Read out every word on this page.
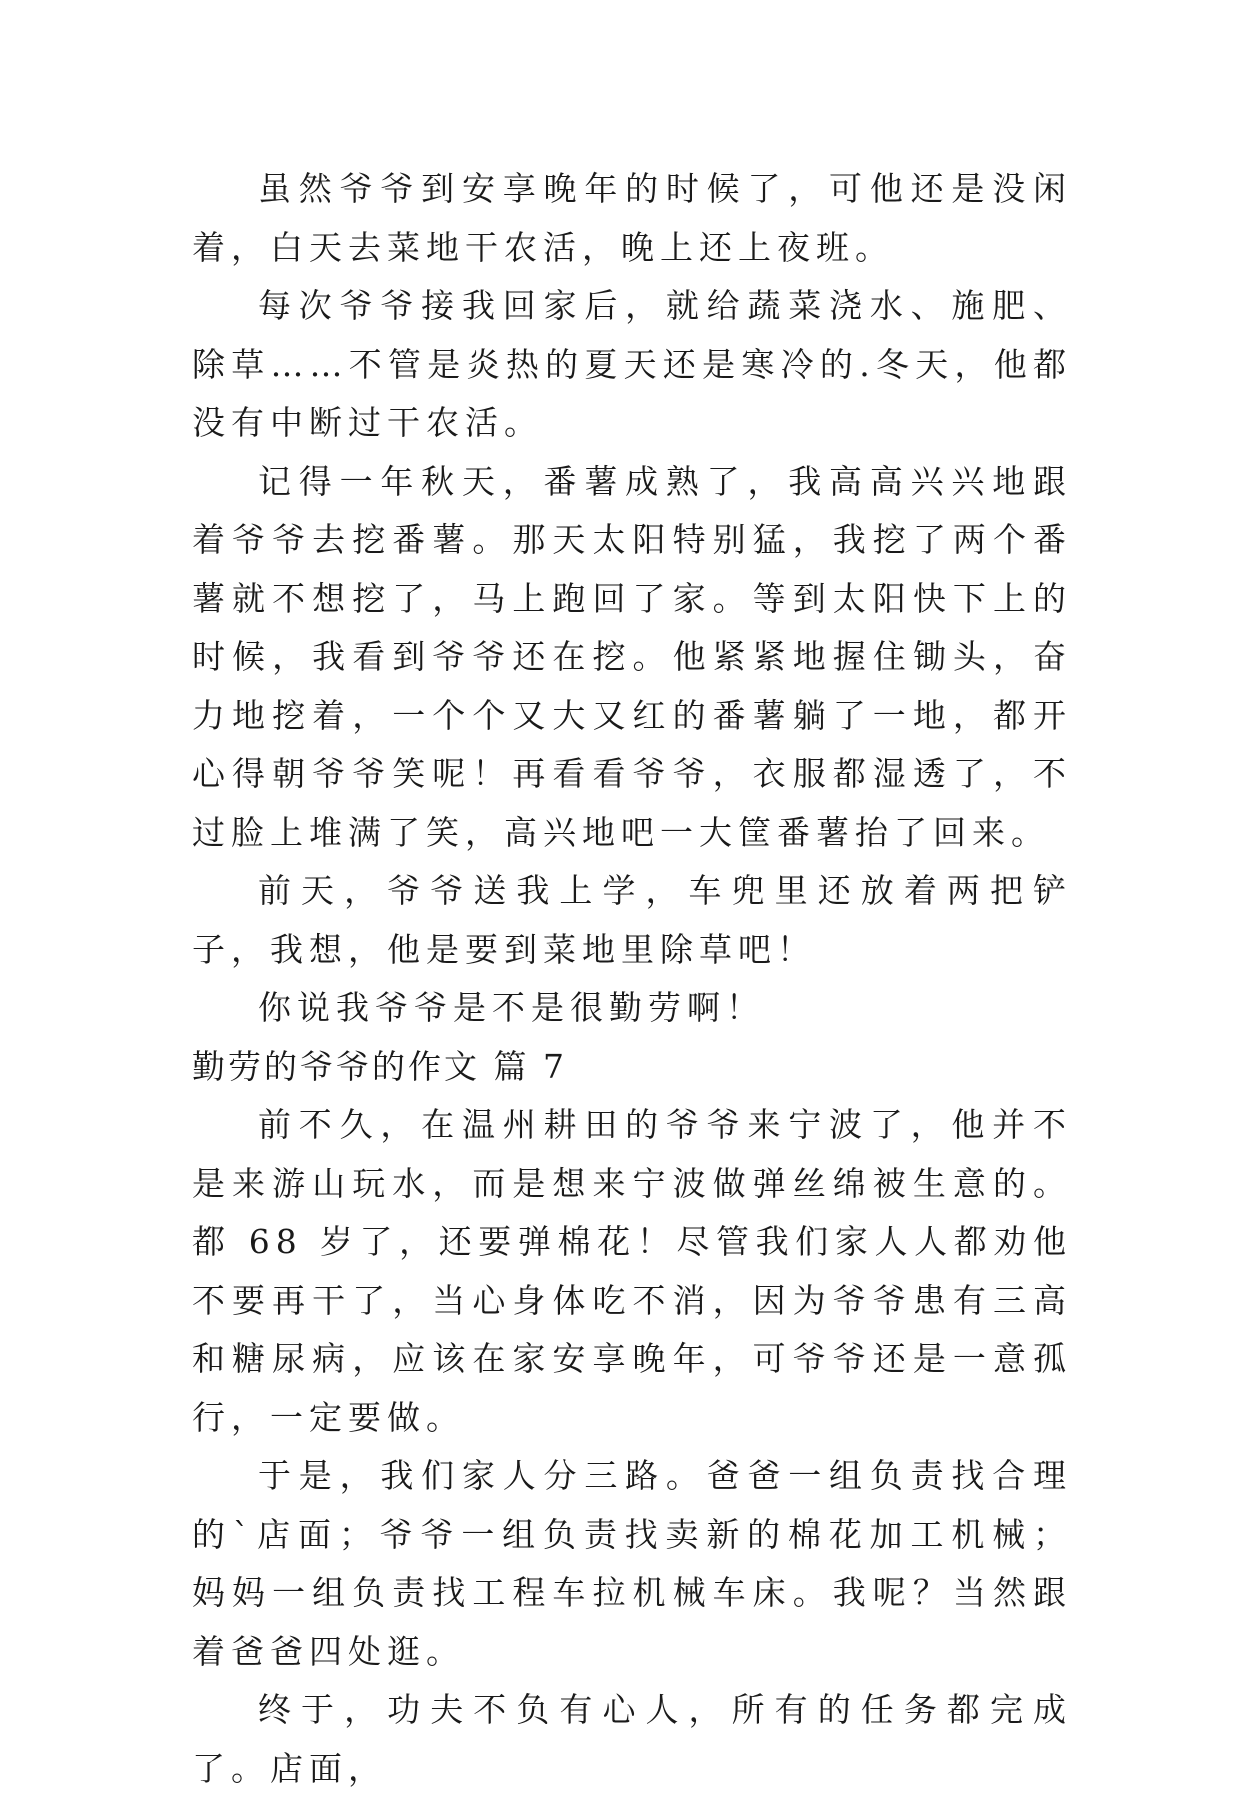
虽然爷爷到安享晚年的时候了，可他还是没闲着，白天去菜地干农活，晚上还上夜班。

每次爷爷接我回家后，就给蔬菜浇水、施肥、除草……不管是炎热的夏天还是寒冷的.冬天，他都没有中断过干农活。

记得一年秋天，番薯成熟了，我高高兴兴地跟着爷爷去挖番薯。那天太阳特别猛，我挖了两个番薯就不想挖了，马上跑回了家。等到太阳快下上的时候，我看到爷爷还在挖。他紧紧地握住锄头，奋力地挖着，一个个又大又红的番薯躺了一地，都开心得朝爷爷笑呢！再看看爷爷，衣服都湿透了，不过脸上堆满了笑，高兴地吧一大筐番薯抬了回来。

前天，爷爷送我上学，车兜里还放着两把铲子，我想，他是要到菜地里除草吧！

你说我爷爷是不是很勤劳啊！

勤劳的爷爷的作文 篇 7

前不久，在温州耕田的爷爷来宁波了，他并不是来游山玩水，而是想来宁波做弹丝绵被生意的。都 68 岁了，还要弹棉花！尽管我们家人人都劝他不要再干了，当心身体吃不消，因为爷爷患有三高和糖尿病，应该在家安享晚年，可爷爷还是一意孤行，一定要做。

于是，我们家人分三路。爸爸一组负责找合理的`店面；爷爷一组负责找卖新的棉花加工机械；妈妈一组负责找工程车拉机械车床。我呢？当然跟着爸爸四处逛。

终于，功夫不负有心人，所有的任务都完成了。店面，
